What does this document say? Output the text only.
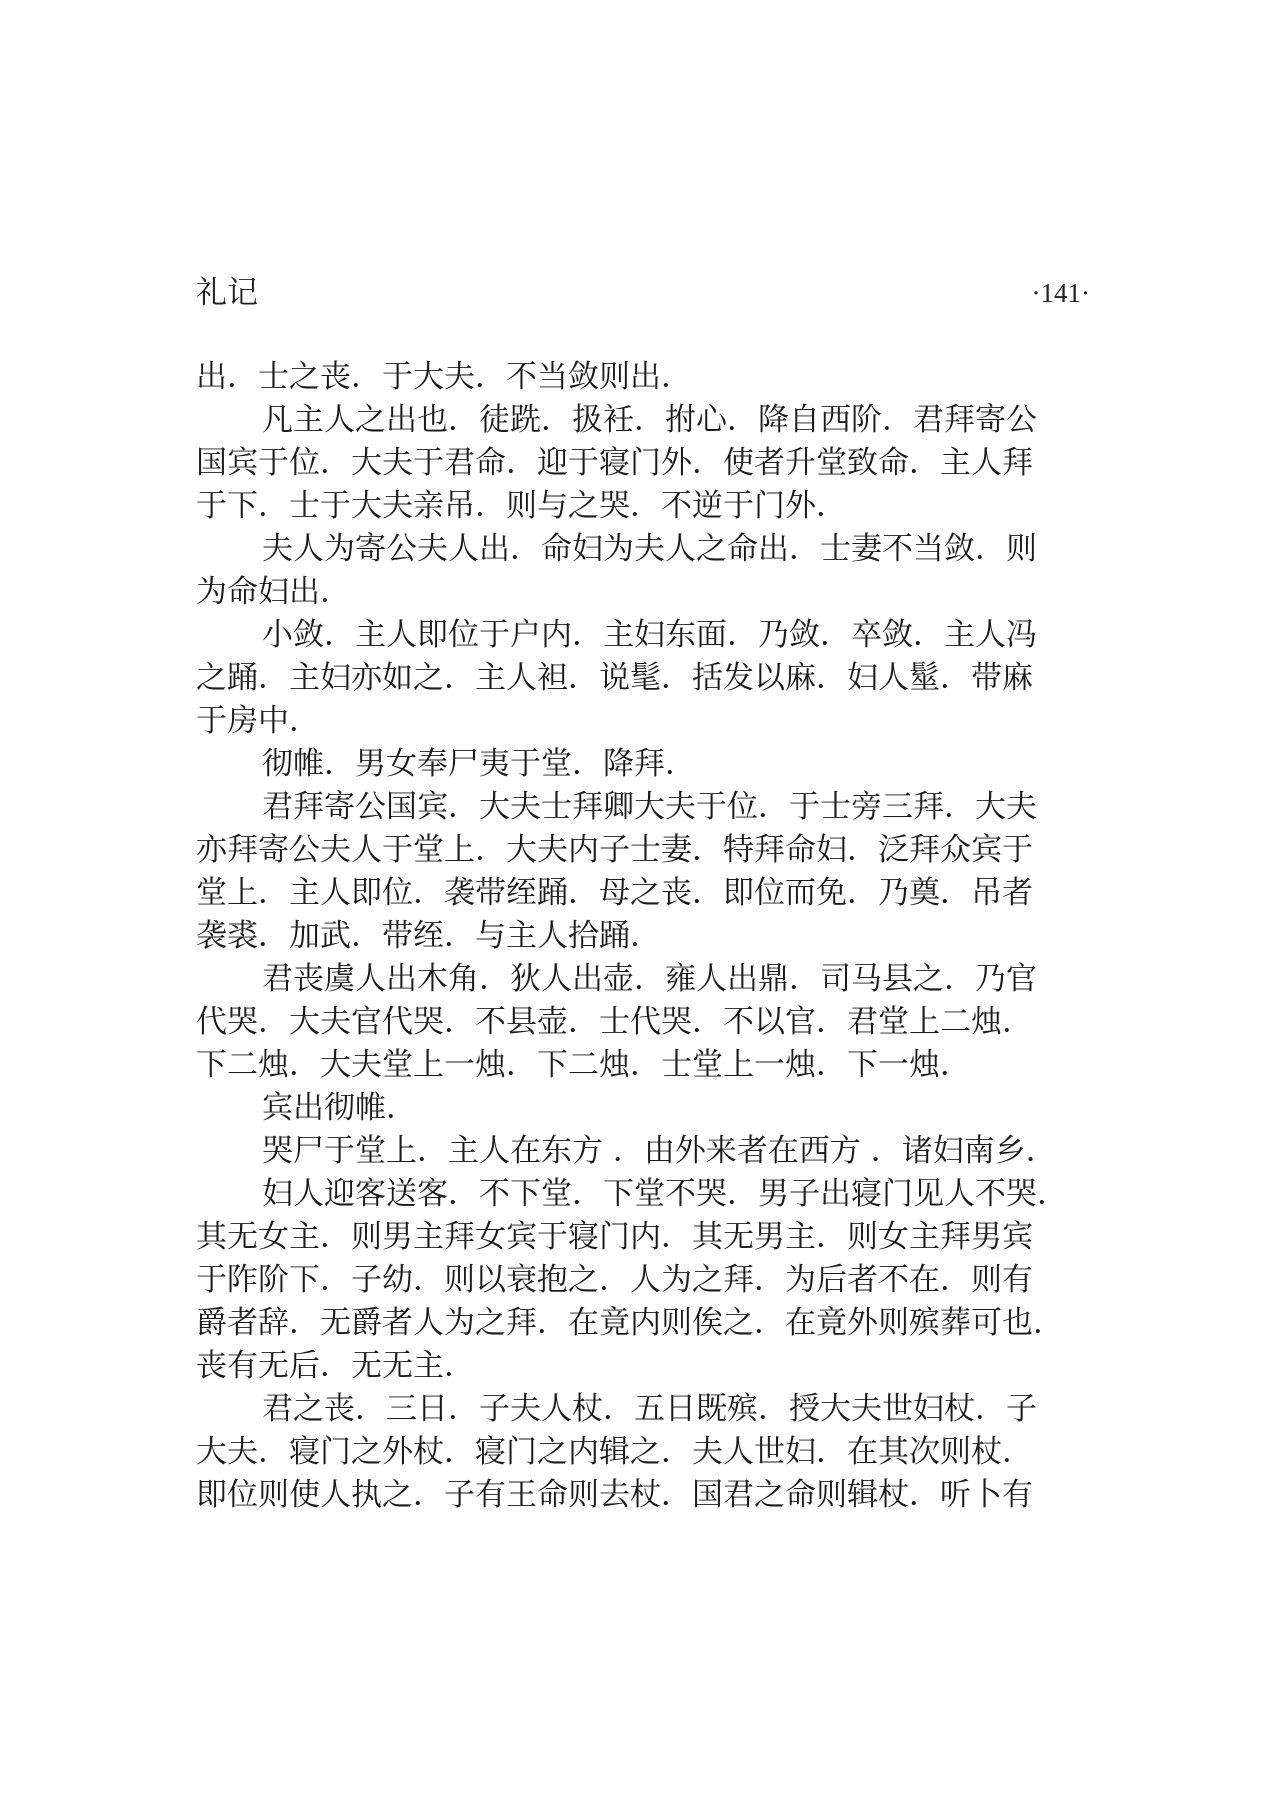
礼记	·141·

出．士之丧．于大夫．不当敛则出．

凡主人之出也．徒跣．扱衽．拊心．降自西阶．君拜寄公

国宾于位．大夫于君命．迎于寝门外．使者升堂致命．主人拜

于下．士于大夫亲吊．则与之哭．不逆于门外．

夫人为寄公夫人出．命妇为夫人之命出．士妻不当敛．则

为命妇出．

小敛．主人即位于户内．主妇东面．乃敛．卒敛．主人冯

之踊．主妇亦如之．主人袒．说髦．括发以麻．妇人髽．带麻

于房中．

彻帷．男女奉尸夷于堂．降拜．

君拜寄公国宾．大夫士拜卿大夫于位．于士旁三拜．大夫

亦拜寄公夫人于堂上．大夫内子士妻．特拜命妇．泛拜众宾于

堂上．主人即位．袭带绖踊．母之丧．即位而免．乃奠．吊者

袭裘．加武．带绖．与主人拾踊．

君丧虞人出木角．狄人出壶．雍人出鼎．司马县之．乃官

代哭．大夫官代哭．不县壶．士代哭．不以官．君堂上二烛．

下二烛．大夫堂上一烛．下二烛．士堂上一烛．下一烛．

宾出彻帷．

哭尸于堂上．主人在东方 ．由外来者在西方 ．诸妇南乡．

妇人迎客送客．不下堂．下堂不哭．男子出寝门见人不哭．

其无女主．则男主拜女宾于寝门内．其无男主．则女主拜男宾

于阼阶下．子幼．则以衰抱之．人为之拜．为后者不在．则有

爵者辞．无爵者人为之拜．在竟内则俟之．在竟外则殡葬可也．

丧有无后．无无主．

君之丧．三日．子夫人杖．五日既殡．授大夫世妇杖．子

大夫．寝门之外杖．寝门之内辑之．夫人世妇．在其次则杖．

即位则使人执之．子有王命则去杖．国君之命则辑杖．听卜有
